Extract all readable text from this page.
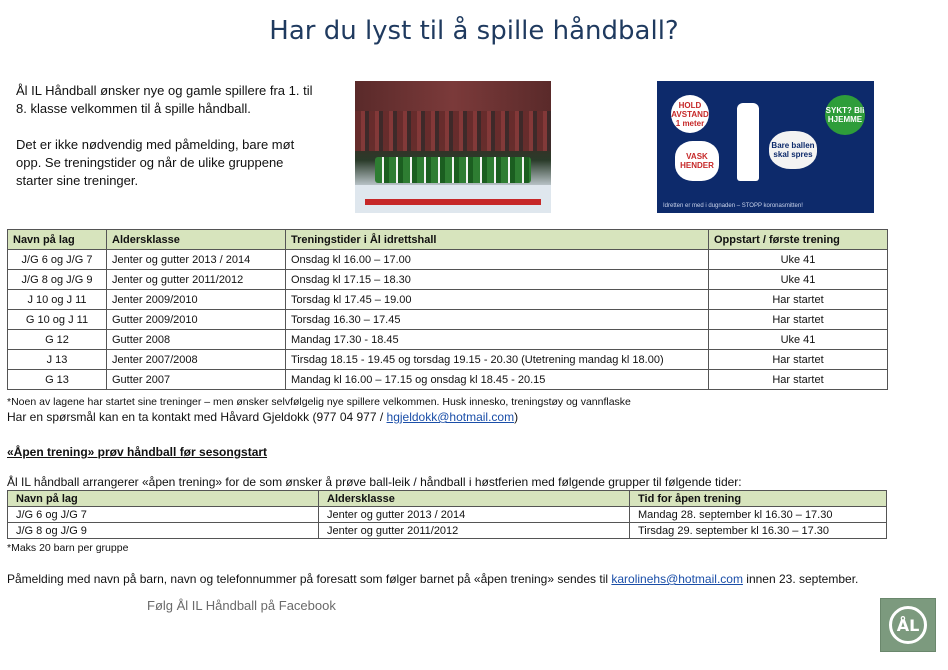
Har du lyst til å spille håndball?

Ål IL Håndball ønsker nye og gamle spillere fra 1. til 8. klasse velkommen til å spille håndball.

Det er ikke nødvendig med påmelding, bare møt opp. Se treningstider og når de ulike gruppene starter sine treninger.

HOLD AVSTAND 1 meter
VASK HENDER
Bare ballen skal spres
SYKT? Bli HJEMME
Idretten er med i dugnaden – STOPP koronasmitten!
Navn på lag	Aldersklasse	Treningstider i Ål idrettshall	Oppstart / første trening
J/G 6 og J/G 7	Jenter og gutter 2013 / 2014	Onsdag kl 16.00 – 17.00	Uke 41
J/G 8 og J/G 9	Jenter og gutter 2011/2012	Onsdag kl 17.15 – 18.30	Uke 41
J 10 og J 11	Jenter 2009/2010	Torsdag kl 17.45 – 19.00	Har startet
G 10 og J 11	Gutter 2009/2010	Torsdag 16.30 – 17.45	Har startet
G 12	Gutter 2008	Mandag 17.30 - 18.45	Uke 41
J 13	Jenter 2007/2008	Tirsdag 18.15 - 19.45 og torsdag 19.15 - 20.30 (Utetrening mandag kl 18.00)	Har startet
G 13	Gutter 2007	Mandag kl 16.00 – 17.15 og onsdag kl 18.45 - 20.15	Har startet
*Noen av lagene har startet sine treninger – men ønsker selvfølgelig nye spillere velkommen. Husk innesko, treningstøy og vannflaske
Har en spørsmål kan en ta kontakt med Håvard Gjeldokk (977 04 977 / hgjeldokk@hotmail.com)
«Åpen trening» prøv håndball før sesongstart
Ål IL håndball arrangerer «åpen trening» for de som ønsker å prøve ball-leik / håndball i høstferien med følgende grupper til følgende tider:
Navn på lag	Aldersklasse	Tid for åpen trening
J/G 6 og J/G 7	Jenter og gutter 2013 / 2014	Mandag 28. september kl 16.30 – 17.30
J/G 8 og J/G 9	Jenter og gutter 2011/2012	Tirsdag 29. september kl 16.30 – 17.30
*Maks 20 barn per gruppe
Påmelding med navn på barn, navn og telefonnummer på foresatt som følger barnet på «åpen trening» sendes til karolinehs@hotmail.com innen 23. september.
Følg Ål IL Håndball på Facebook
ÅL
